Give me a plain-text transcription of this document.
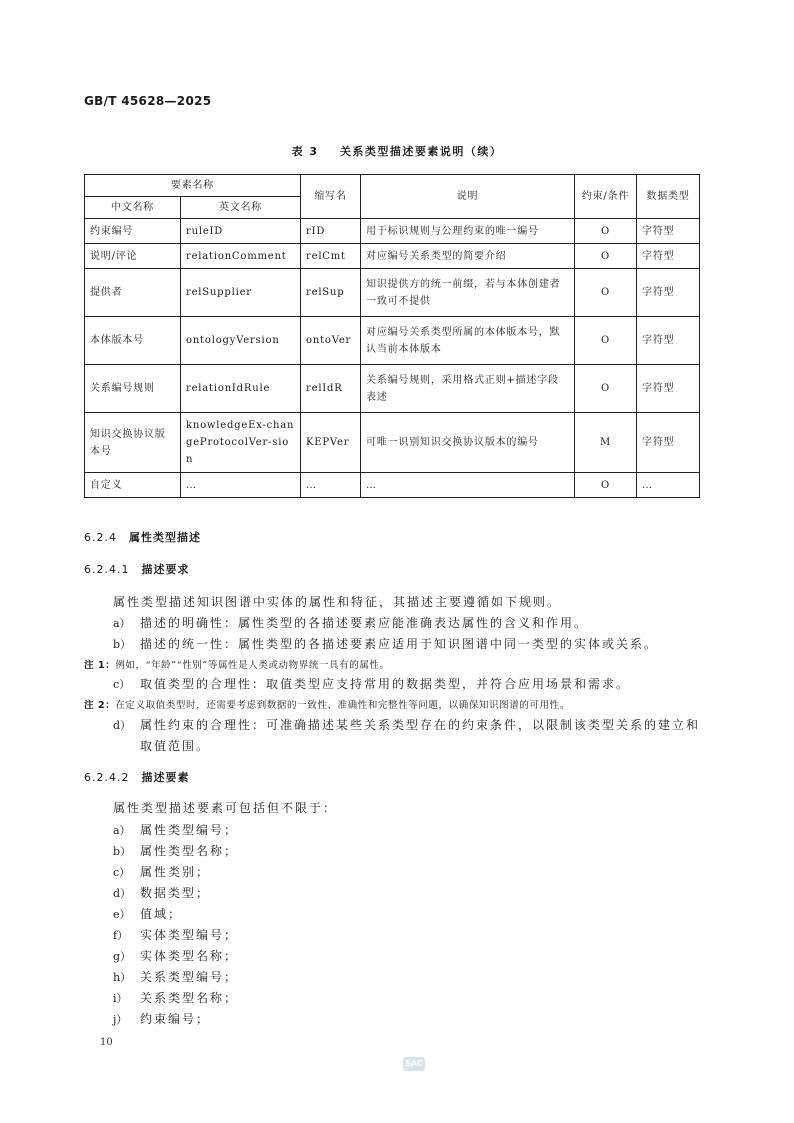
GB/T 45628—2025
表 3    关系类型描述要素说明（续）
要素名称		缩写名	说明	约束/条件	数据类型
中文名称	英文名称				
约束编号	ruleID	rID	用于标识规则与公理约束的唯一编号	O	字符型
说明/评论	relationComment	relCmt	对应编号关系类型的简要介绍	O	字符型
提供者	relSupplier	relSup	知识提供方的统一前缀，若与本体创建者一致可不提供	O	字符型
本体版本号	ontologyVersion	ontoVer	对应编号关系类型所属的本体版本号，默认当前本体版本	O	字符型
关系编号规则	relationIdRule	relIdR	关系编号规则，采用格式正则+描述字段表述	O	字符型
知识交换协议版本号	knowledgeEx-changeProtocolVer-sion	KEPVer	可唯一识别知识交换协议版本的编号	M	字符型
自定义	…	…	…	O	…
6.2.4 属性类型描述
6.2.4.1 描述要求
属性类型描述知识图谱中实体的属性和特征，其描述主要遵循如下规则。
a） 描述的明确性：属性类型的各描述要素应能准确表达属性的含义和作用。
b） 描述的统一性：属性类型的各描述要素应适用于知识图谱中同一类型的实体或关系。
注 1：例如，“年龄”“性别”等属性是人类或动物界统一具有的属性。
c） 取值类型的合理性：取值类型应支持常用的数据类型，并符合应用场景和需求。
注 2：在定义取值类型时，还需要考虑到数据的一致性、准确性和完整性等问题，以确保知识图谱的可用性。
d） 属性约束的合理性：可准确描述某些关系类型存在的约束条件，以限制该类型关系的建立和
取值范围。
6.2.4.2 描述要素
属性类型描述要素可包括但不限于：
a） 属性类型编号；
b） 属性类型名称；
c） 属性类别；
d） 数据类型；
e） 值域；
f） 实体类型编号；
g） 实体类型名称；
h） 关系类型编号；
i） 关系类型名称；
j） 约束编号；
10
SAC
